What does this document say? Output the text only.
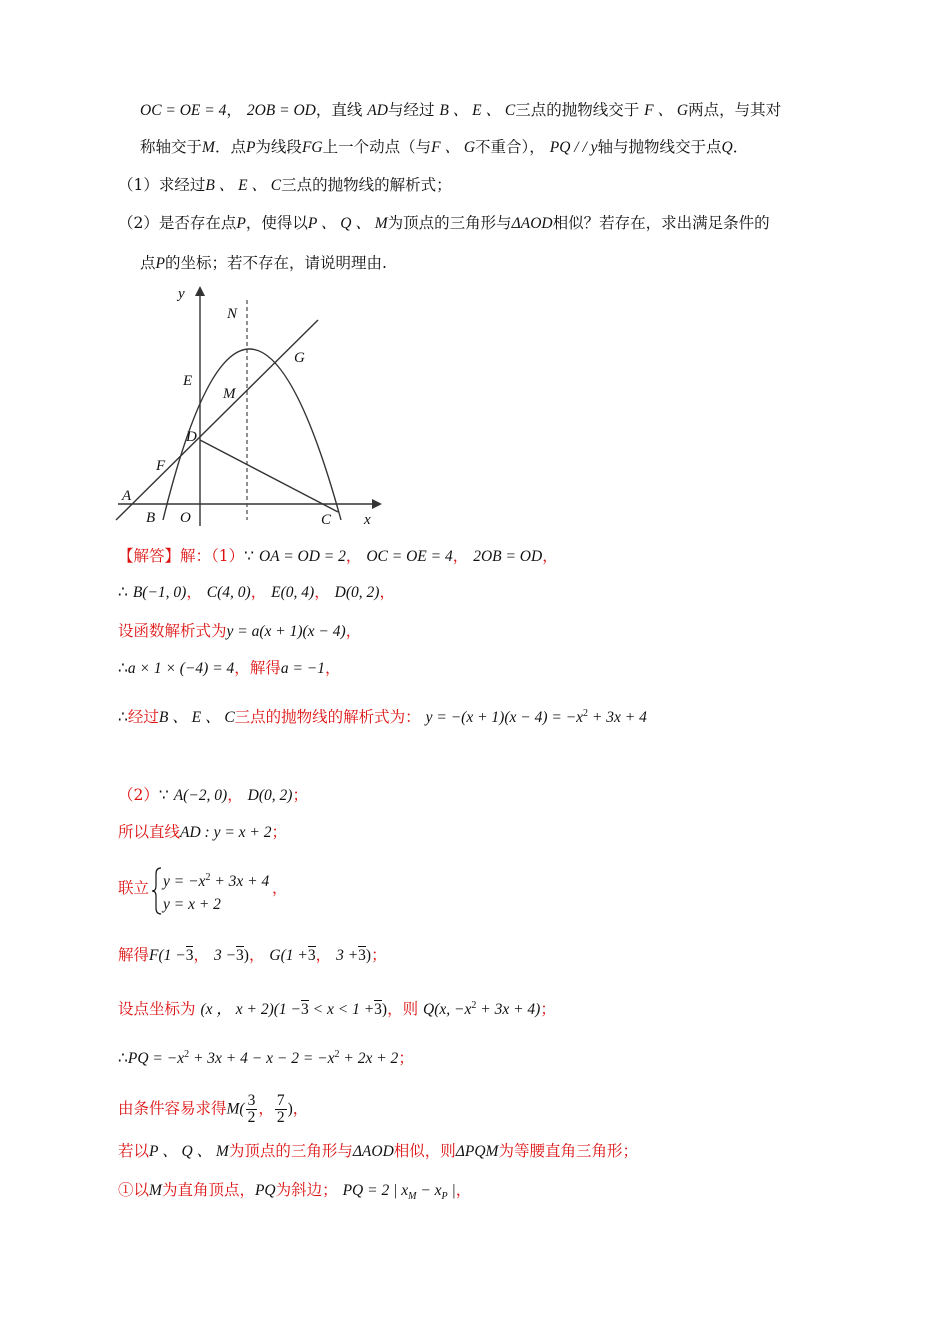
OC = OE = 4， 2OB = OD，直线 AD与经过 B 、 E 、 C三点的抛物线交于 F 、 G两点，与其对
称轴交于M．点P为线段FG上一个动点（与F 、 G不重合）， PQ / / y轴与抛物线交于点Q．
（1）求经过B 、 E 、 C三点的抛物线的解析式；
（2）是否存在点P，使得以P 、 Q 、 M为顶点的三角形与ΔAOD相似？若存在，求出满足条件的
点P的坐标；若不存在，请说明理由.
y
x
N
G
E
M
D
F
A
B O	C
【解答】解：（1）∵ OA = OD = 2， OC = OE = 4， 2OB = OD，
∴ B(−1, 0)， C(4, 0)， E(0, 4)， D(0, 2)，
设函数解析式为y = a(x + 1)(x − 4)，
∴a × 1 × (−4) = 4，解得a = −1，
∴经过B 、 E 、 C三点的抛物线的解析式为： $y = -(x + 1)(x - 4) = -x^2 + 3x + 4$
（2）∵ A(−2, 0)， D(0, 2)；
所以直线AD : y = x + 2；
联立 $y = -x^2 + 3x + 4$
y = x + 2
，
解得F(1 −3， 3 −3)， G(1 +3， 3 +3)；
设点坐标为 (x ， x + 2)(1 −3 < x < 1 +3)，则 Q(x, $-x^2 + 3x + 4$)；
∴PQ = $-x^2 + 3x + 4 - x - 2 = -x^2 + 2x + 2$；
由条件容易求得$M( \frac{3}{2}$ ， $\frac{7}{2}$ )，
若以P 、 Q 、 M为顶点的三角形与ΔAOD相似，则ΔPQM为等腰直角三角形；
①以M为直角顶点，PQ为斜边； PQ = 2 | $x_M - x_P$ |，
